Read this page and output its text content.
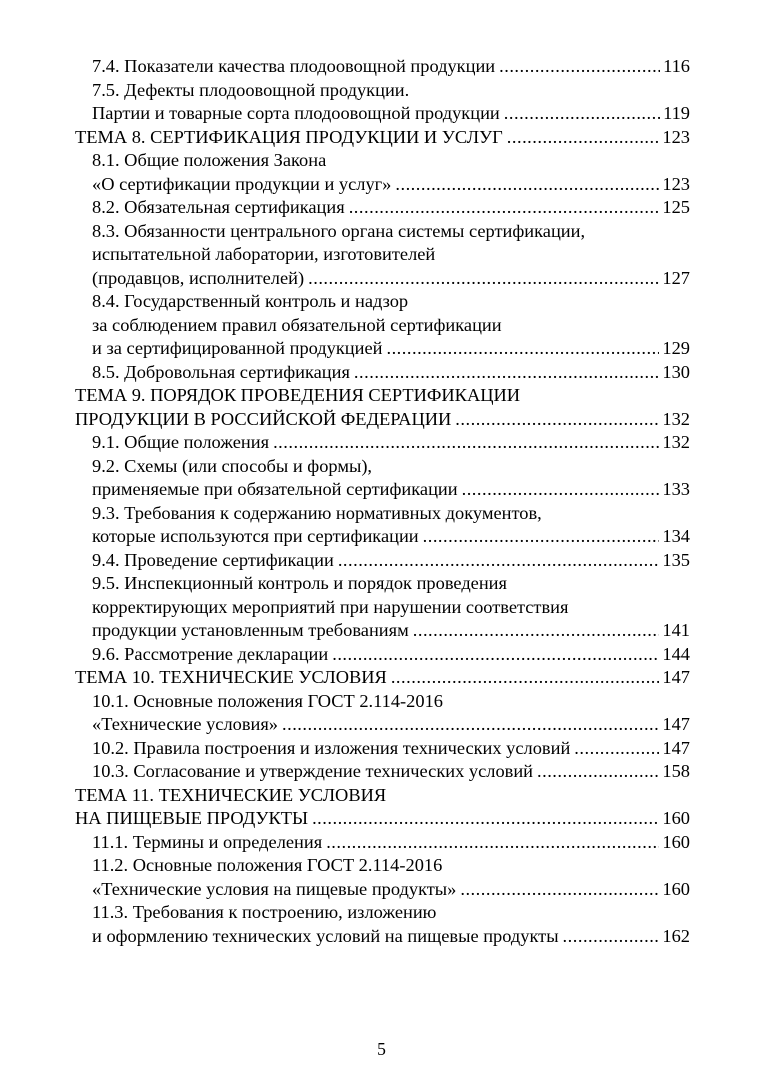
7.4. Показатели качества плодоовощной продукции .....	116
7.5. Дефекты плодоовощной продукции.
Партии и товарные сорта плодоовощной продукции .....	119
ТЕМА 8. СЕРТИФИКАЦИЯ ПРОДУКЦИИ И УСЛУГ .....	123
8.1. Общие положения Закона
«О сертификации продукции и услуг» .....	123
8.2. Обязательная сертификация .....	125
8.3. Обязанности центрального органа системы сертификации,
испытательной лаборатории, изготовителей
(продавцов, исполнителей) .....	127
8.4. Государственный контроль и надзор
за соблюдением правил обязательной сертификации
и за сертифицированной продукцией .....	129
8.5. Добровольная сертификация .....	130
ТЕМА 9. ПОРЯДОК ПРОВЕДЕНИЯ СЕРТИФИКАЦИИ
ПРОДУКЦИИ В РОССИЙСКОЙ ФЕДЕРАЦИИ .....	132
9.1. Общие положения .....	132
9.2. Схемы (или способы и формы),
применяемые при обязательной сертификации .....	133
9.3. Требования к содержанию нормативных документов,
которые используются при сертификации .....	134
9.4. Проведение сертификации .....	135
9.5. Инспекционный контроль и порядок проведения
корректирующих мероприятий при нарушении соответствия
продукции установленным требованиям .....	141
9.6. Рассмотрение декларации .....	144
ТЕМА 10. ТЕХНИЧЕСКИЕ УСЛОВИЯ .....	147
10.1. Основные положения ГОСТ 2.114-2016
«Технические условия» .....	147
10.2. Правила построения и изложения технических условий .....	147
10.3. Согласование и утверждение технических условий .....	158
ТЕМА 11. ТЕХНИЧЕСКИЕ УСЛОВИЯ
НА ПИЩЕВЫЕ ПРОДУКТЫ .....	160
11.1. Термины и определения .....	160
11.2. Основные положения ГОСТ 2.114-2016
«Технические условия на пищевые продукты» .....	160
11.3. Требования к построению, изложению
и оформлению технических условий на пищевые продукты .....	162
5
